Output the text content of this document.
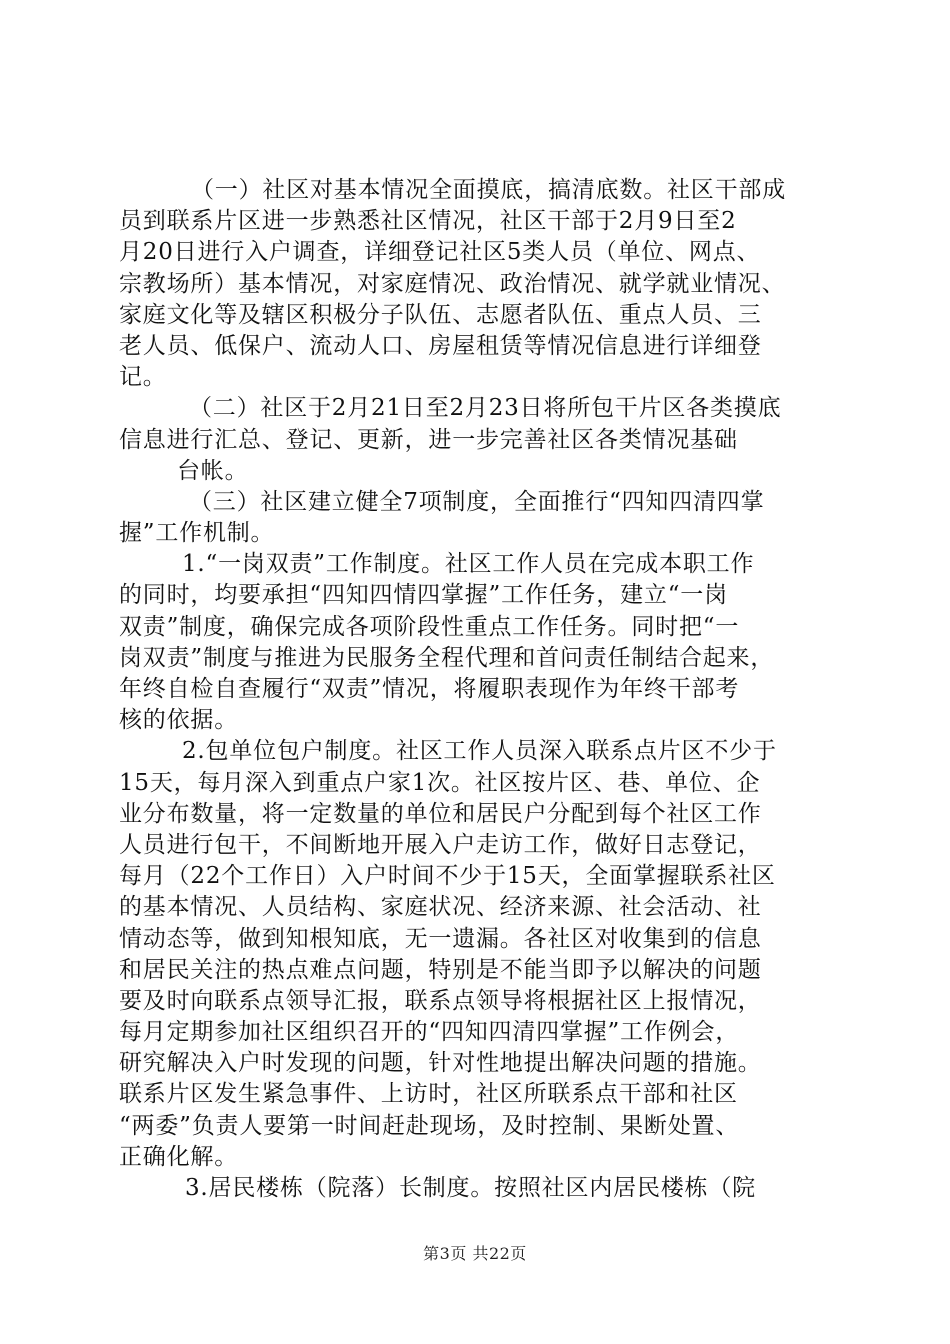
（一）社区对基本情况全面摸底，搞清底数。社区干部成
员到联系片区进一步熟悉社区情况，社区干部于2月9日至2
月20日进行入户调查，详细登记社区5类人员（单位、网点、
宗教场所）基本情况，对家庭情况、政治情况、就学就业情况、
家庭文化等及辖区积极分子队伍、志愿者队伍、重点人员、三
老人员、低保户、流动人口、房屋租赁等情况信息进行详细登
记。
（二）社区于2月21日至2月23日将所包干片区各类摸底
信息进行汇总、登记、更新，进一步完善社区各类情况基础
台帐。
（三）社区建立健全7项制度，全面推行“四知四清四掌
握”工作机制。
1.“一岗双责”工作制度。社区工作人员在完成本职工作
的同时，均要承担“四知四情四掌握”工作任务，建立“一岗
双责”制度，确保完成各项阶段性重点工作任务。同时把“一
岗双责”制度与推进为民服务全程代理和首问责任制结合起来，
年终自检自查履行“双责”情况，将履职表现作为年终干部考
核的依据。
2.包单位包户制度。社区工作人员深入联系点片区不少于
15天，每月深入到重点户家1次。社区按片区、巷、单位、企
业分布数量，将一定数量的单位和居民户分配到每个社区工作
人员进行包干，不间断地开展入户走访工作，做好日志登记，
每月（22个工作日）入户时间不少于15天，全面掌握联系社区
的基本情况、人员结构、家庭状况、经济来源、社会活动、社
情动态等，做到知根知底，无一遗漏。各社区对收集到的信息
和居民关注的热点难点问题，特别是不能当即予以解决的问题
要及时向联系点领导汇报，联系点领导将根据社区上报情况，
每月定期参加社区组织召开的“四知四清四掌握”工作例会，
研究解决入户时发现的问题，针对性地提出解决问题的措施。
联系片区发生紧急事件、上访时，社区所联系点干部和社区
“两委”负责人要第一时间赶赴现场，及时控制、果断处置、
正确化解。
3.居民楼栋（院落）长制度。按照社区内居民楼栋（院
第3页 共22页
